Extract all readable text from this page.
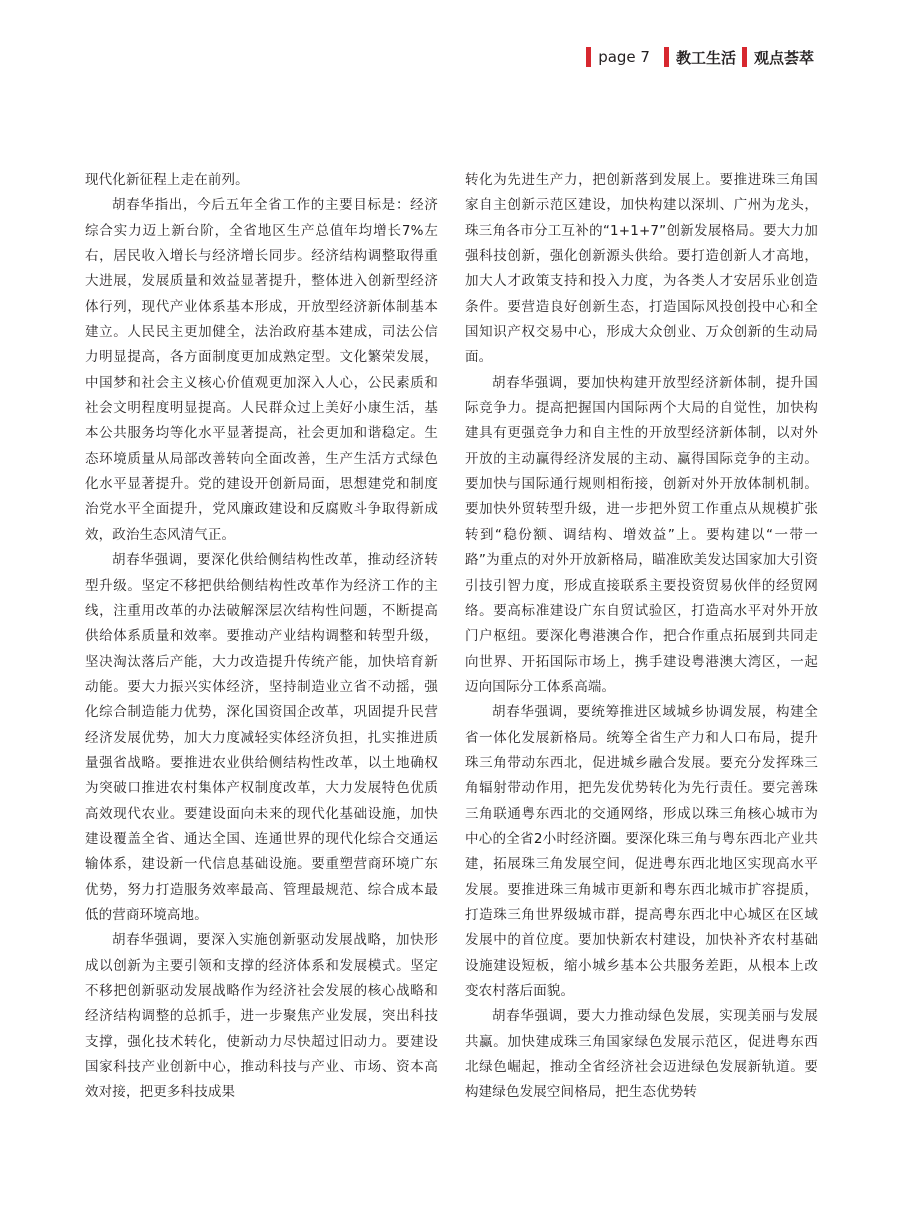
page 7 教工生活 观点荟萃

现代化新征程上走在前列。

胡春华指出，今后五年全省工作的主要目标是：经济综合实力迈上新台阶，全省地区生产总值年均增长7%左右，居民收入增长与经济增长同步。经济结构调整取得重大进展，发展质量和效益显著提升，整体进入创新型经济体行列，现代产业体系基本形成，开放型经济新体制基本建立。人民民主更加健全，法治政府基本建成，司法公信力明显提高，各方面制度更加成熟定型。文化繁荣发展，中国梦和社会主义核心价值观更加深入人心，公民素质和社会文明程度明显提高。人民群众过上美好小康生活，基本公共服务均等化水平显著提高，社会更加和谐稳定。生态环境质量从局部改善转向全面改善，生产生活方式绿色化水平显著提升。党的建设开创新局面，思想建党和制度治党水平全面提升，党风廉政建设和反腐败斗争取得新成效，政治生态风清气正。

胡春华强调，要深化供给侧结构性改革，推动经济转型升级。坚定不移把供给侧结构性改革作为经济工作的主线，注重用改革的办法破解深层次结构性问题，不断提高供给体系质量和效率。要推动产业结构调整和转型升级，坚决淘汰落后产能，大力改造提升传统产能，加快培育新动能。要大力振兴实体经济，坚持制造业立省不动摇，强化综合制造能力优势，深化国资国企改革，巩固提升民营经济发展优势，加大力度减轻实体经济负担，扎实推进质量强省战略。要推进农业供给侧结构性改革，以土地确权为突破口推进农村集体产权制度改革，大力发展特色优质高效现代农业。要建设面向未来的现代化基础设施，加快建设覆盖全省、通达全国、连通世界的现代化综合交通运输体系，建设新一代信息基础设施。要重塑营商环境广东优势，努力打造服务效率最高、管理最规范、综合成本最低的营商环境高地。

胡春华强调，要深入实施创新驱动发展战略，加快形成以创新为主要引领和支撑的经济体系和发展模式。坚定不移把创新驱动发展战略作为经济社会发展的核心战略和经济结构调整的总抓手，进一步聚焦产业发展，突出科技支撑，强化技术转化，使新动力尽快超过旧动力。要建设国家科技产业创新中心，推动科技与产业、市场、资本高效对接，把更多科技成果

转化为先进生产力，把创新落到发展上。要推进珠三角国家自主创新示范区建设，加快构建以深圳、广州为龙头，珠三角各市分工互补的“1+1+7”创新发展格局。要大力加强科技创新，强化创新源头供给。要打造创新人才高地，加大人才政策支持和投入力度，为各类人才安居乐业创造条件。要营造良好创新生态，打造国际风投创投中心和全国知识产权交易中心，形成大众创业、万众创新的生动局面。

胡春华强调，要加快构建开放型经济新体制，提升国际竞争力。提高把握国内国际两个大局的自觉性，加快构建具有更强竞争力和自主性的开放型经济新体制，以对外开放的主动赢得经济发展的主动、赢得国际竞争的主动。要加快与国际通行规则相衔接，创新对外开放体制机制。要加快外贸转型升级，进一步把外贸工作重点从规模扩张转到“稳份额、调结构、增效益”上。要构建以“一带一路”为重点的对外开放新格局，瞄准欧美发达国家加大引资引技引智力度，形成直接联系主要投资贸易伙伴的经贸网络。要高标准建设广东自贸试验区，打造高水平对外开放门户枢纽。要深化粤港澳合作，把合作重点拓展到共同走向世界、开拓国际市场上，携手建设粤港澳大湾区，一起迈向国际分工体系高端。

胡春华强调，要统筹推进区域城乡协调发展，构建全省一体化发展新格局。统筹全省生产力和人口布局，提升珠三角带动东西北，促进城乡融合发展。要充分发挥珠三角辐射带动作用，把先发优势转化为先行责任。要完善珠三角联通粤东西北的交通网络，形成以珠三角核心城市为中心的全省2小时经济圈。要深化珠三角与粤东西北产业共建，拓展珠三角发展空间，促进粤东西北地区实现高水平发展。要推进珠三角城市更新和粤东西北城市扩容提质，打造珠三角世界级城市群，提高粤东西北中心城区在区域发展中的首位度。要加快新农村建设，加快补齐农村基础设施建设短板，缩小城乡基本公共服务差距，从根本上改变农村落后面貌。

胡春华强调，要大力推动绿色发展，实现美丽与发展共赢。加快建成珠三角国家绿色发展示范区，促进粤东西北绿色崛起，推动全省经济社会迈进绿色发展新轨道。要构建绿色发展空间格局，把生态优势转
